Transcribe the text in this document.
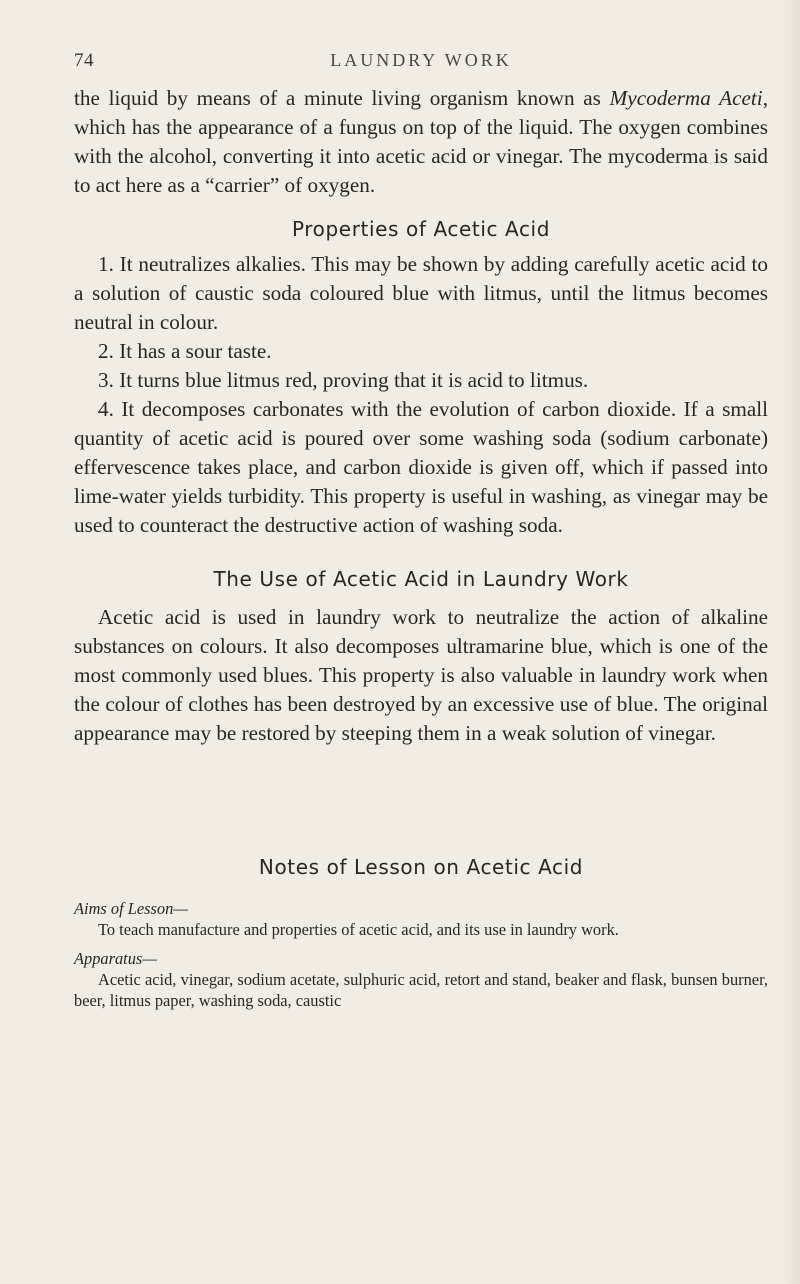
74	LAUNDRY WORK

the liquid by means of a minute living organism known as Mycoderma Aceti, which has the appearance of a fungus on top of the liquid. The oxygen combines with the alcohol, converting it into acetic acid or vinegar. The mycoderma is said to act here as a “carrier” of oxygen.

Properties of Acetic Acid

1. It neutralizes alkalies. This may be shown by adding carefully acetic acid to a solution of caustic soda coloured blue with litmus, until the litmus becomes neutral in colour.

2. It has a sour taste.

3. It turns blue litmus red, proving that it is acid to litmus.

4. It decomposes carbonates with the evolution of carbon dioxide. If a small quantity of acetic acid is poured over some washing soda (sodium carbonate) effervescence takes place, and carbon dioxide is given off, which if passed into lime-water yields turbidity. This property is useful in washing, as vinegar may be used to counteract the destructive action of washing soda.

The Use of Acetic Acid in Laundry Work

Acetic acid is used in laundry work to neutralize the action of alkaline substances on colours. It also decomposes ultramarine blue, which is one of the most commonly used blues. This property is also valuable in laundry work when the colour of clothes has been destroyed by an excessive use of blue. The original appearance may be restored by steeping them in a weak solution of vinegar.

Notes of Lesson on Acetic Acid

Aims of Lesson—

To teach manufacture and properties of acetic acid, and its use in laundry work.

Apparatus—

Acetic acid, vinegar, sodium acetate, sulphuric acid, retort and stand, beaker and flask, bunsen burner, beer, litmus paper, washing soda, caustic
